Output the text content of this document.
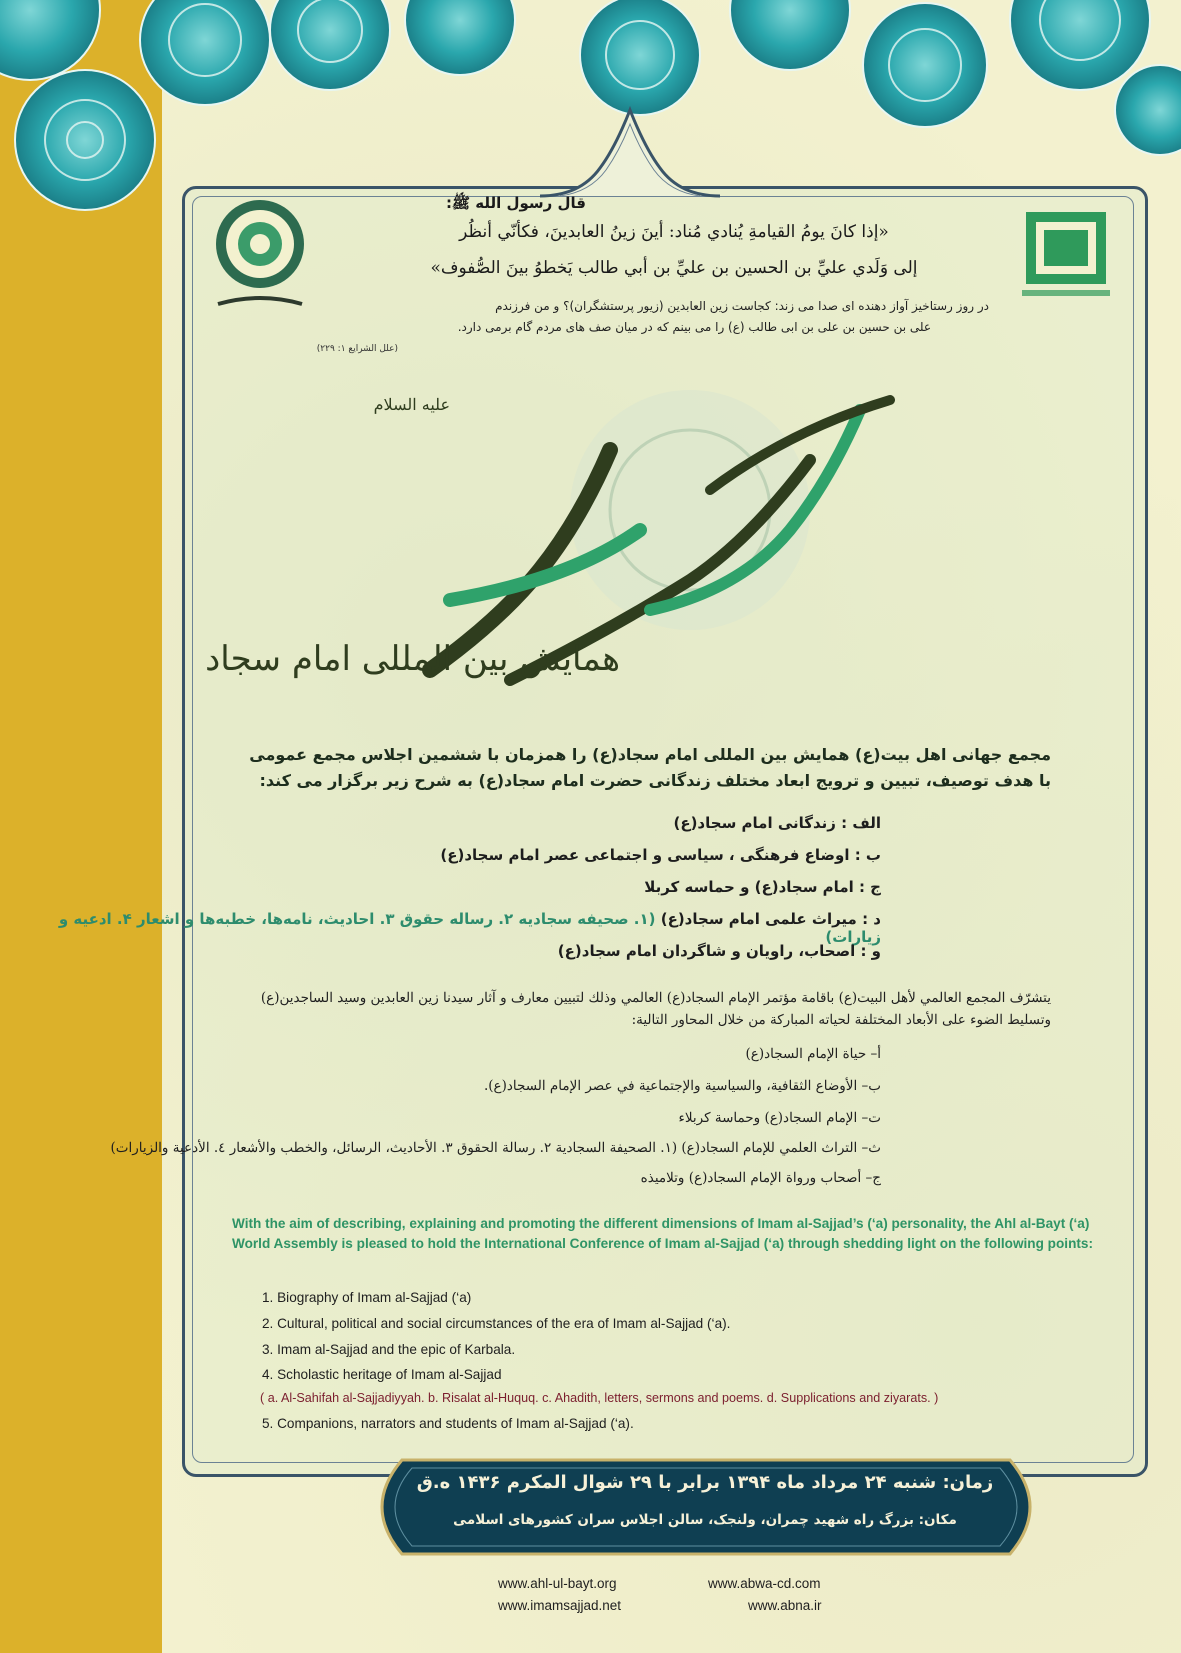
قال رسول الله ﷺ:
«إذا كانَ يومُ القيامةِ يُنادي مُناد: أينَ زينُ العابدينَ، فكأنّي أنظُر
إلى وَلَدي عليِّ بن الحسين بن عليِّ بن أبي طالب يَخطوُ بينَ الصُّفوف»
در روز رستاخیز آواز دهنده ای صدا می زند: کجاست زین العابدین (زیور پرستشگران)؟ و من فرزندم
علی بن حسین بن علی بن ابی طالب (ع) را می بینم که در میان صف های مردم گام برمی دارد.
(علل الشرایع ۱: ۲۲۹)
همایش بین المللی امام سجاد
علیه السلام
مجمع جهانی اهل بیت(ع) همایش بین المللی امام سجاد(ع) را همزمان با ششمین اجلاس مجمع عمومی
با هدف توصیف، تبیین و ترویج ابعاد مختلف زندگانی حضرت امام سجاد(ع) به شرح زیر برگزار می کند:
الف : زندگانی امام سجاد(ع)
ب : اوضاع فرهنگی ، سیاسی و اجتماعی عصر امام سجاد(ع)
ج : امام سجاد(ع) و حماسه کربلا
د : میراث علمی امام سجاد(ع) (۱. صحیفه سجادیه ۲. رساله حقوق ۳. احادیث، نامه‌ها، خطبه‌ها و اشعار ۴. ادعیه و زیارات)
و : اصحاب، راویان و شاگردان امام سجاد(ع)
يتشرّف المجمع العالمي لأهل البيت(ع) باقامة مؤتمر الإمام السجاد(ع) العالمي وذلك لتبيين معارف و آثار سيدنا زين العابدين وسيد الساجدين(ع)
وتسليط الضوء على الأبعاد المختلفة لحياته المباركة من خلال المحاور التالية:
أ– حياة الإمام السجاد(ع)
ب– الأوضاع الثقافية، والسياسية والإجتماعية في عصر الإمام السجاد(ع).
ت– الإمام السجاد(ع) وحماسة كربلاء
ث– التراث العلمي للإمام السجاد(ع) (١. الصحيفة السجادية ٢. رسالة الحقوق ٣. الأحاديث، الرسائل، والخطب والأشعار ٤. الأدعية والزيارات)
ج– أصحاب ورواة الإمام السجاد(ع) وتلاميذه
With the aim of describing, explaining and promoting the different dimensions of Imam al-Sajjad’s (‘a) personality, the Ahl al-Bayt (‘a) World Assembly is pleased to hold the International Conference of Imam al-Sajjad (‘a) through shedding light on the following points:
1. Biography of Imam al-Sajjad (‘a)
2. Cultural, political and social circumstances of the era of Imam al-Sajjad (‘a).
3. Imam al-Sajjad and the epic of Karbala.
4. Scholastic heritage of Imam al-Sajjad
( a. Al-Sahifah al-Sajjadiyyah. b. Risalat al-Huquq. c. Ahadith, letters, sermons and poems. d. Supplications and ziyarats. )
5. Companions, narrators and students of Imam al-Sajjad (‘a).
زمان: شنبه ۲۴ مرداد ماه ۱۳۹۴ برابر با ۲۹ شوال المکرم ۱۴۳۶ ه.ق
مکان: بزرگ راه شهید چمران، ولنجک، سالن اجلاس سران کشورهای اسلامی
www.ahl-ul-bayt.org
www.imamsajjad.net
www.abwa-cd.com
www.abna.ir
